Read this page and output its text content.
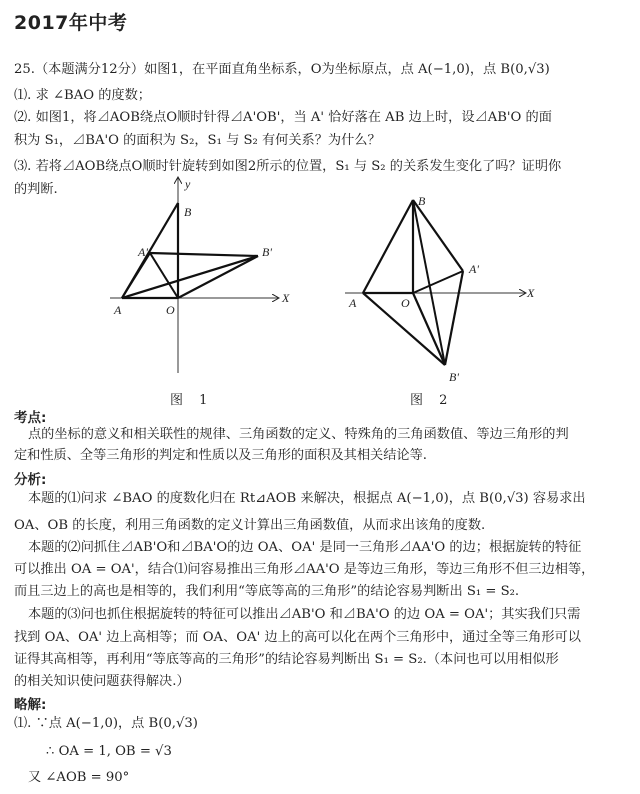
2017年中考
25.（本题满分12分）如图1，在平面直角坐标系，O为坐标原点，点 A(−1,0)，点 B(0,√3)
⑴. 求 ∠BAO 的度数；
⑵. 如图1，将⊿AOB绕点O顺时针得⊿A'OB'，当 A' 恰好落在 AB 边上时，设⊿AB'O 的面
积为 S₁，⊿BA'O 的面积为 S₂，S₁ 与 S₂ 有何关系？为什么？
⑶. 若将⊿AOB绕点O顺时针旋转到如图2所示的位置，S₁ 与 S₂ 的关系发生变化了吗？证明你
的判断.	y
X
B
A'	B'
A	O
图 1
X
B
A'
A	O
B'
图 2
考点:
点的坐标的意义和相关联性的规律、三角函数的定义、特殊角的三角函数值、等边三角形的判
定和性质、全等三角形的判定和性质以及三角形的面积及其相关结论等.
分析:
本题的⑴问求 ∠BAO 的度数化归在 Rt⊿AOB 来解决，根据点 A(−1,0)，点 B(0,√3) 容易求出
OA、OB 的长度，利用三角函数的定义计算出三角函数值，从而求出该角的度数.
本题的⑵问抓住⊿AB'O和⊿BA'O的边 OA、OA' 是同一三角形⊿AA'O 的边；根据旋转的特征
可以推出 OA = OA'，结合⑴问容易推出三角形⊿AA'O 是等边三角形，等边三角形不但三边相等，
而且三边上的高也是相等的，我们利用“等底等高的三角形”的结论容易判断出 S₁ = S₂.
本题的⑶问也抓住根据旋转的特征可以推出⊿AB'O 和⊿BA'O 的边 OA = OA'；其实我们只需
找到 OA、OA' 边上高相等；而 OA、OA' 边上的高可以化在两个三角形中，通过全等三角形可以
证得其高相等，再利用“等底等高的三角形”的结论容易判断出 S₁ = S₂.（本问也可以用相似形
的相关知识使问题获得解决.）
略解:
⑴. ∵点 A(−1,0)，点 B(0,√3)
∴ OA = 1, OB = √3
又 ∠AOB = 90°
